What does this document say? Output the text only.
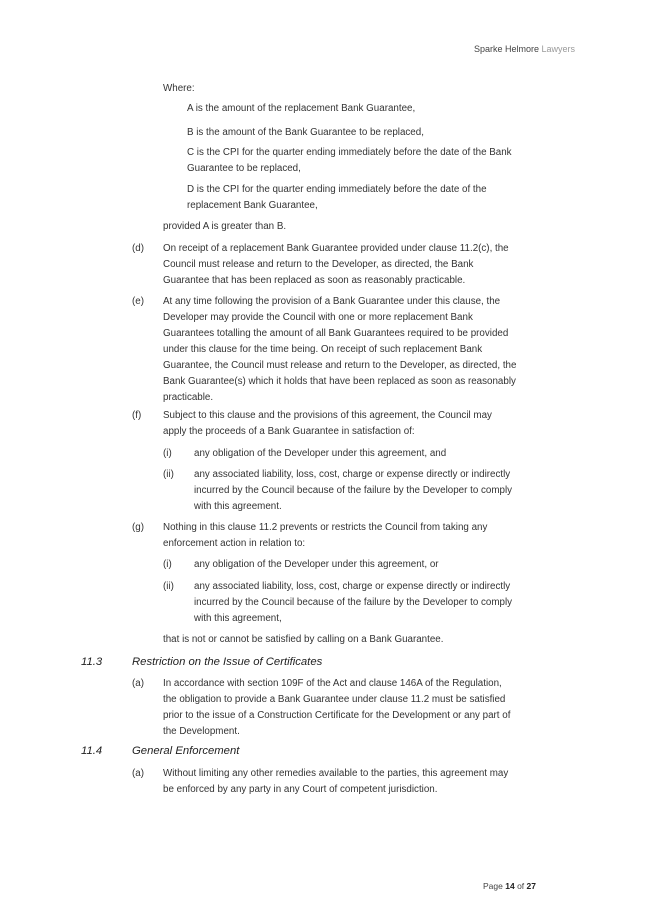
Sparke Helmore Lawyers

Where:

A is the amount of the replacement Bank Guarantee,

B is the amount of the Bank Guarantee to be replaced,

C is the CPI for the quarter ending immediately before the date of the Bank
Guarantee to be replaced,
D is the CPI for the quarter ending immediately before the date of the
replacement Bank Guarantee,

provided A is greater than B.

(d) On receipt of a replacement Bank Guarantee provided under clause 11.2(c), the
Council must release and return to the Developer, as directed, the Bank
Guarantee that has been replaced as soon as reasonably practicable.
(e) At any time following the provision of a Bank Guarantee under this clause, the
Developer may provide the Council with one or more replacement Bank
Guarantees totalling the amount of all Bank Guarantees required to be provided
under this clause for the time being. On receipt of such replacement Bank
Guarantee, the Council must release and return to the Developer, as directed, the
Bank Guarantee(s) which it holds that have been replaced as soon as reasonably
practicable.
(f) Subject to this clause and the provisions of this agreement, the Council may
apply the proceeds of a Bank Guarantee in satisfaction of:
(i) any obligation of the Developer under this agreement, and

(ii) any associated liability, loss, cost, charge or expense directly or indirectly
incurred by the Council because of the failure by the Developer to comply
with this agreement.
(g) Nothing in this clause 11.2 prevents or restricts the Council from taking any
enforcement action in relation to:
(i) any obligation of the Developer under this agreement, or

(ii) any associated liability, loss, cost, charge or expense directly or indirectly
incurred by the Council because of the failure by the Developer to comply
with this agreement,

that is not or cannot be satisfied by calling on a Bank Guarantee.

11.3	Restriction on the Issue of Certificates
(a) In accordance with section 109F of the Act and clause 146A of the Regulation,
the obligation to provide a Bank Guarantee under clause 11.2 must be satisfied
prior to the issue of a Construction Certificate for the Development or any part of
the Development.
11.4	General Enforcement
(a) Without limiting any other remedies available to the parties, this agreement may
be enforced by any party in any Court of competent jurisdiction.
Page 14 of 27
